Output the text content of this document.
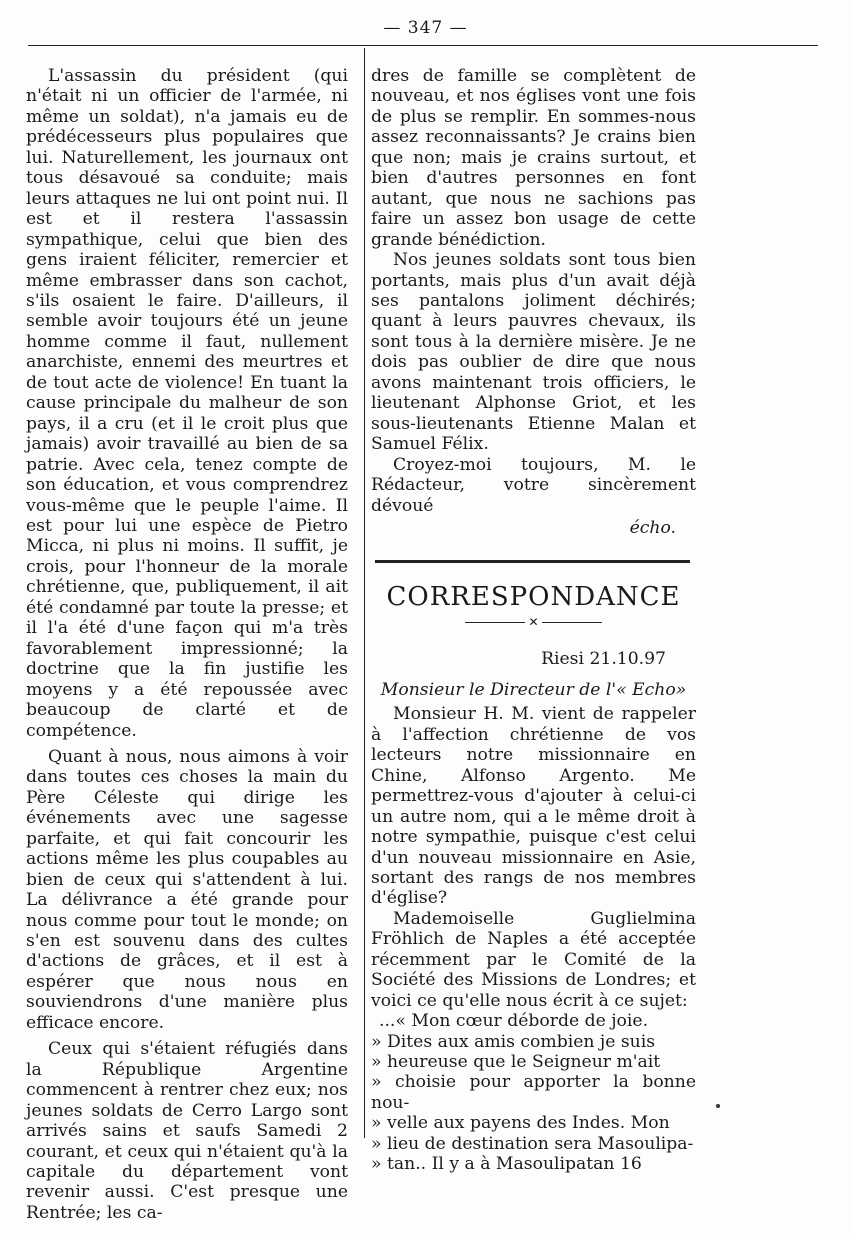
— 347 —

L'assassin du président (qui n'était ni un officier de l'armée, ni même un soldat), n'a jamais eu de prédécesseurs plus populaires que lui. Naturellement, les journaux ont tous désavoué sa conduite; mais leurs attaques ne lui ont point nui. Il est et il restera l'assassin sympathique, celui que bien des gens iraient féliciter, remercier et même embrasser dans son cachot, s'ils osaient le faire. D'ailleurs, il semble avoir toujours été un jeune homme comme il faut, nullement anarchiste, ennemi des meurtres et de tout acte de violence! En tuant la cause principale du malheur de son pays, il a cru (et il le croit plus que jamais) avoir travaillé au bien de sa patrie. Avec cela, tenez compte de son éducation, et vous comprendrez vous-même que le peuple l'aime. Il est pour lui une espèce de Pietro Micca, ni plus ni moins. Il suffit, je crois, pour l'honneur de la morale chrétienne, que, publiquement, il ait été condamné par toute la presse; et il l'a été d'une façon qui m'a très favorablement impressionné; la doctrine que la fin justifie les moyens y a été repoussée avec beaucoup de clarté et de compétence.

Quant à nous, nous aimons à voir dans toutes ces choses la main du Père Céleste qui dirige les événements avec une sagesse parfaite, et qui fait concourir les actions même les plus coupables au bien de ceux qui s'attendent à lui. La délivrance a été grande pour nous comme pour tout le monde; on s'en est souvenu dans des cultes d'actions de grâces, et il est à espérer que nous nous en souviendrons d'une manière plus efficace encore.

Ceux qui s'étaient réfugiés dans la République Argentine commencent à rentrer chez eux; nos jeunes soldats de Cerro Largo sont arrivés sains et saufs Samedi 2 courant, et ceux qui n'étaient qu'à la capitale du département vont revenir aussi. C'est presque une Rentrée; les ca-

dres de famille se complètent de nouveau, et nos églises vont une fois de plus se remplir. En sommes-nous assez reconnaissants? Je crains bien que non; mais je crains surtout, et bien d'autres personnes en font autant, que nous ne sachions pas faire un assez bon usage de cette grande bénédiction.

Nos jeunes soldats sont tous bien portants, mais plus d'un avait déjà ses pantalons joliment déchirés; quant à leurs pauvres chevaux, ils sont tous à la dernière misère. Je ne dois pas oublier de dire que nous avons maintenant trois officiers, le lieutenant Alphonse Griot, et les sous-lieutenants Etienne Malan et Samuel Félix.

Croyez-moi toujours, M. le Rédacteur, votre sincèrement dévoué

écho.
CORRESPONDANCE
✕
Riesi 21.10.97
Monsieur le Directeur de l'« Echo»

Monsieur H. M. vient de rappeler à l'affection chrétienne de vos lecteurs notre missionnaire en Chine, Alfonso Argento. Me permettrez-vous d'ajouter à celui-ci un autre nom, qui a le même droit à notre sympathie, puisque c'est celui d'un nouveau missionnaire en Asie, sortant des rangs de nos membres d'église?

Mademoiselle Guglielmina Fröhlich de Naples a été acceptée récemment par le Comité de la Société des Missions de Londres; et voici ce qu'elle nous écrit à ce sujet:

...« Mon cœur déborde de joie.

» Dites aux amis combien je suis

» heureuse que le Seigneur m'ait

» choisie pour apporter la bonne nou-

» velle aux payens des Indes. Mon

» lieu de destination sera Masoulipa-

» tan.. Il y a à Masoulipatan 16
